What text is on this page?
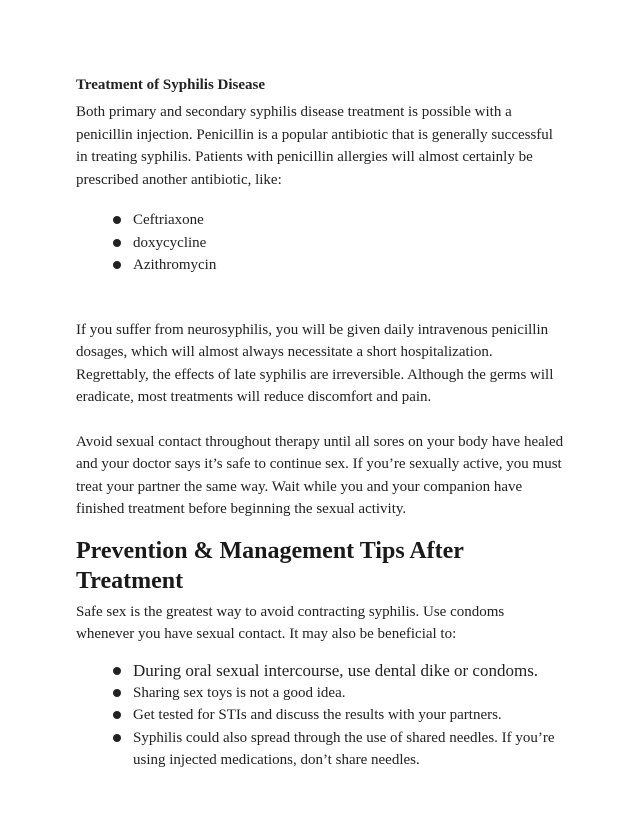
Treatment of Syphilis Disease

Both primary and secondary syphilis disease treatment is possible with a penicillin injection. Penicillin is a popular antibiotic that is generally successful in treating syphilis. Patients with penicillin allergies will almost certainly be prescribed another antibiotic, like:

Ceftriaxone
doxycycline
Azithromycin

If you suffer from neurosyphilis, you will be given daily intravenous penicillin dosages, which will almost always necessitate a short hospitalization. Regrettably, the effects of late syphilis are irreversible. Although the germs will eradicate, most treatments will reduce discomfort and pain.

Avoid sexual contact throughout therapy until all sores on your body have healed and your doctor says it’s safe to continue sex. If you’re sexually active, you must treat your partner the same way. Wait while you and your companion have finished treatment before beginning the sexual activity.

Prevention & Management Tips After Treatment

Safe sex is the greatest way to avoid contracting syphilis. Use condoms whenever you have sexual contact. It may also be beneficial to:

During oral sexual intercourse, use dental dike or condoms.
Sharing sex toys is not a good idea.
Get tested for STIs and discuss the results with your partners.
Syphilis could also spread through the use of shared needles. If you’re using injected medications, don’t share needles.
